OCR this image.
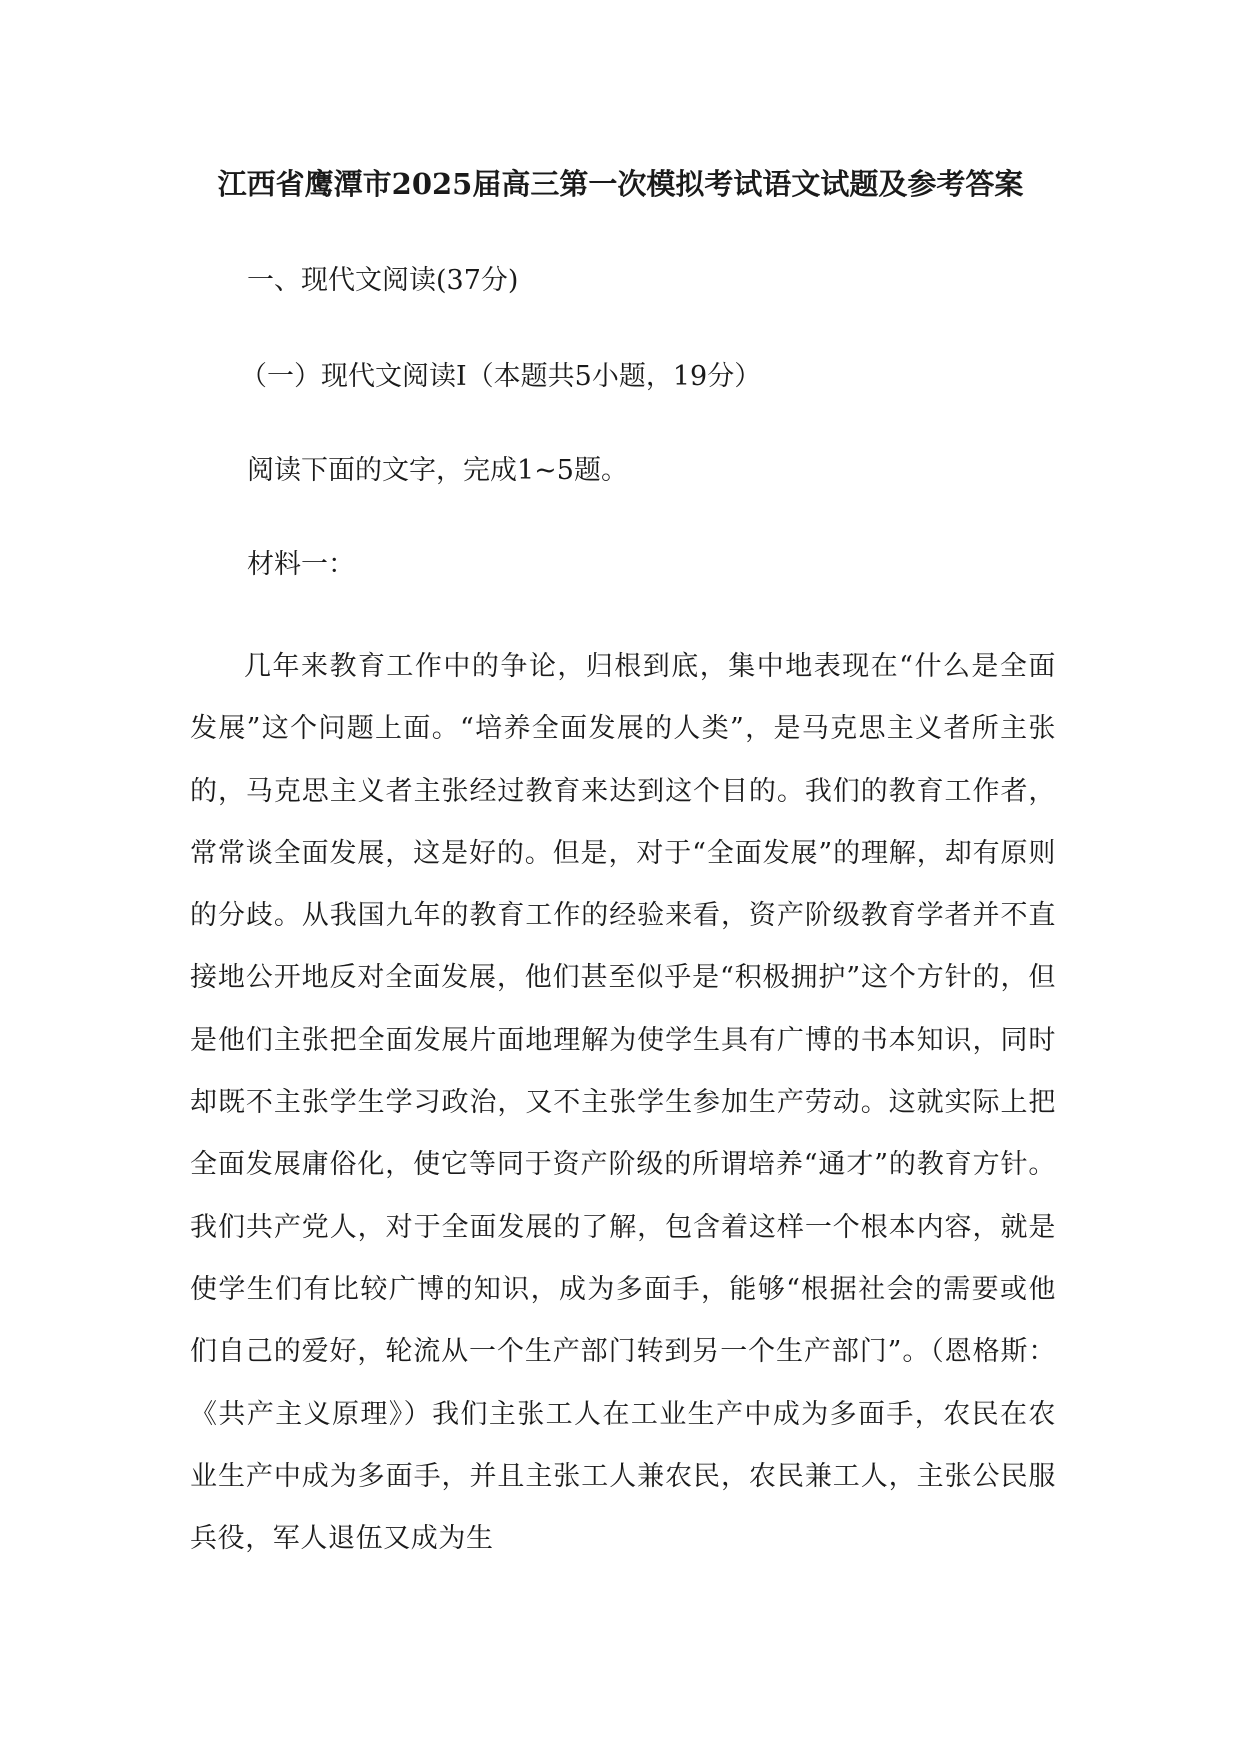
江西省鹰潭市2025届高三第一次模拟考试语文试题及参考答案
一、现代文阅读(37分)
（一）现代文阅读Ⅰ（本题共5小题，19分）
阅读下面的文字，完成1~5题。
材料一：

几年来教育工作中的争论，归根到底，集中地表现在“什么是全面发展”这个问题上面。“培养全面发展的人类”，是马克思主义者所主张的，马克思主义者主张经过教育来达到这个目的。我们的教育工作者，常常谈全面发展，这是好的。但是，对于“全面发展”的理解，却有原则的分歧。从我国九年的教育工作的经验来看，资产阶级教育学者并不直接地公开地反对全面发展，他们甚至似乎是“积极拥护”这个方针的，但是他们主张把全面发展片面地理解为使学生具有广博的书本知识，同时却既不主张学生学习政治，又不主张学生参加生产劳动。这就实际上把全面发展庸俗化，使它等同于资产阶级的所谓培养“通才”的教育方针。我们共产党人，对于全面发展的了解，包含着这样一个根本内容，就是使学生们有比较广博的知识，成为多面手，能够“根据社会的需要或他们自己的爱好，轮流从一个生产部门转到另一个生产部门”。（恩格斯：《共产主义原理》）我们主张工人在工业生产中成为多面手，农民在农业生产中成为多面手，并且主张工人兼农民，农民兼工人，主张公民服兵役，军人退伍又成为生
